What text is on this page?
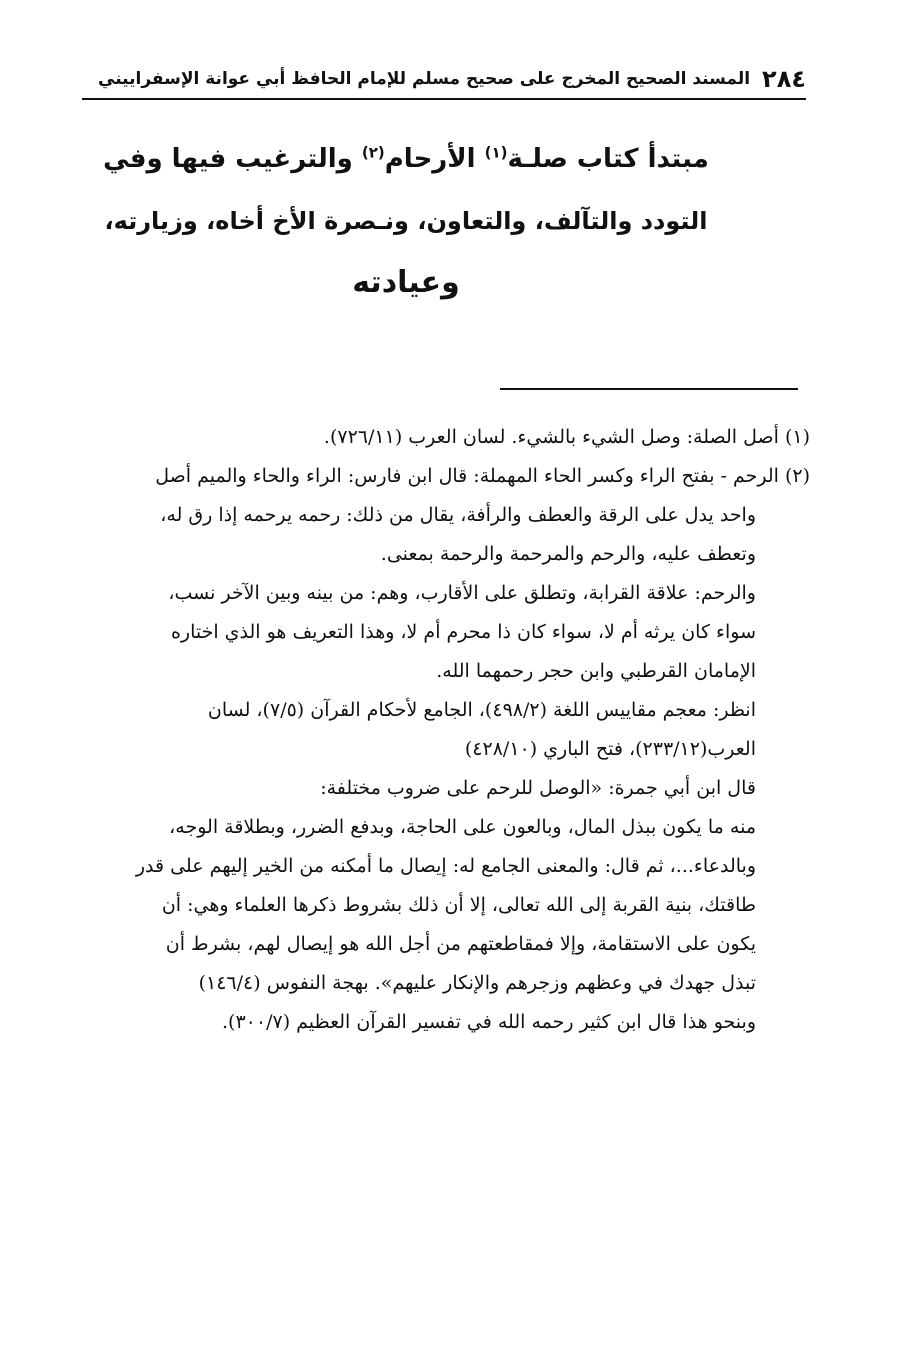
٢٨٤
المسند الصحيح المخرج على صحيح مسلم للإمام الحافظ أبي عوانة الإسفراييني
مبتدأ كتاب صلـة$^{(١)}$ الأرحام$^{(٢)}$ والترغيب فيها وفي
التودد والتآلف، والتعاون، ونـصرة الأخ أخاه، وزيارته،
وعيادته

(١)أصل الصلة: وصل الشيء بالشيء. لسان العرب (٧٢٦/١١).

(٢)الرحم - بفتح الراء وكسر الحاء المهملة: قال ابن فارس: الراء والحاء والميم أصل

واحد يدل على الرقة والعطف والرأفة، يقال من ذلك: رحمه يرحمه إذا رق له،

وتعطف عليه، والرحم والمرحمة والرحمة بمعنى.

والرحم: علاقة القرابة، وتطلق على الأقارب، وهم: من بينه وبين الآخر نسب،

سواء كان يرثه أم لا، سواء كان ذا محرم أم لا، وهذا التعريف هو الذي اختاره

الإمامان القرطبي وابن حجر رحمهما الله.

انظر: معجم مقاييس اللغة (٤٩٨/٢)، الجامع لأحكام القرآن (٧/٥)، لسان

العرب(٢٣٣/١٢)، فتح الباري (٤٢٨/١٠)

قال ابن أبي جمرة: «الوصل للرحم على ضروب مختلفة:

منه ما يكون ببذل المال، وبالعون على الحاجة، وبدفع الضرر، وبطلاقة الوجه،

وبالدعاء...، ثم قال: والمعنى الجامع له: إيصال ما أمكنه من الخير إليهم على قدر

طاقتك، بنية القربة إلى الله تعالى، إلا أن ذلك بشروط ذكرها العلماء وهي: أن

يكون على الاستقامة، وإلا فمقاطعتهم من أجل الله هو إيصال لهم، بشرط أن

تبذل جهدك في وعظهم وزجرهم والإنكار عليهم». بهجة النفوس (١٤٦/٤)

وبنحو هذا قال ابن كثير رحمه الله في تفسير القرآن العظيم (٣٠٠/٧).
